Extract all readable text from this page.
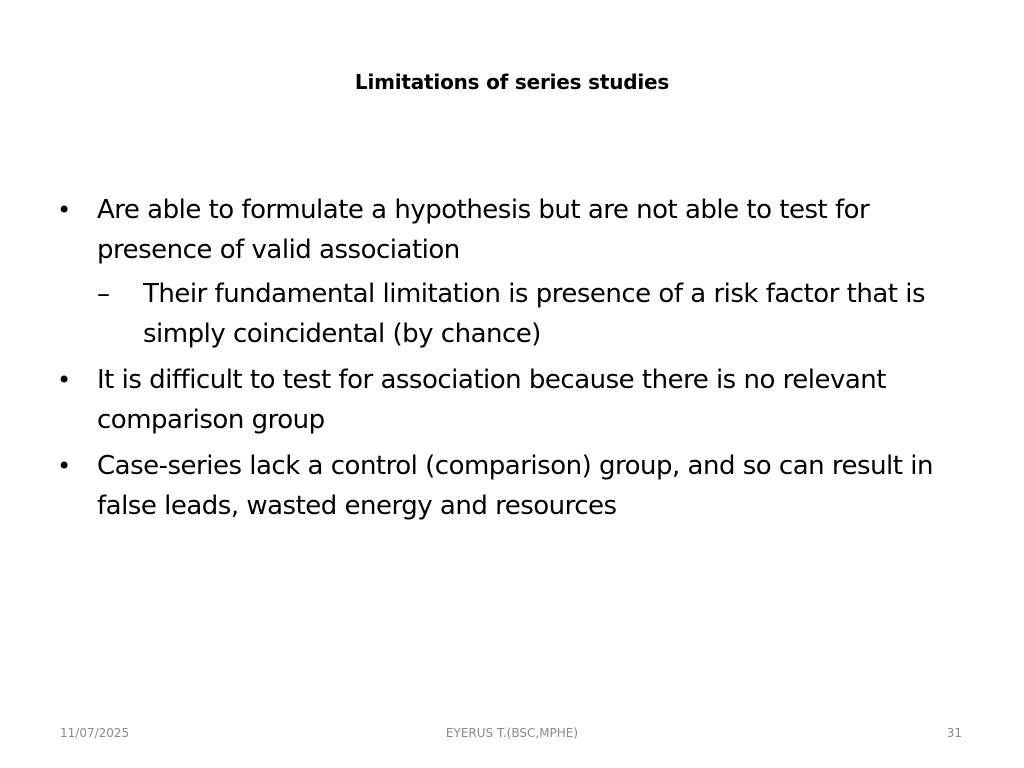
Limitations of series studies
• Are able to formulate a hypothesis but are not able to test for presence of valid association
–	Their fundamental limitation is presence of a risk factor that is simply coincidental (by chance)
• It is difficult to test for association because there is no relevant comparison group
• Case-series lack a control (comparison) group, and so can result in false leads, wasted energy and resources
11/07/2025	EYERUS T.(BSC,MPHE)	31
